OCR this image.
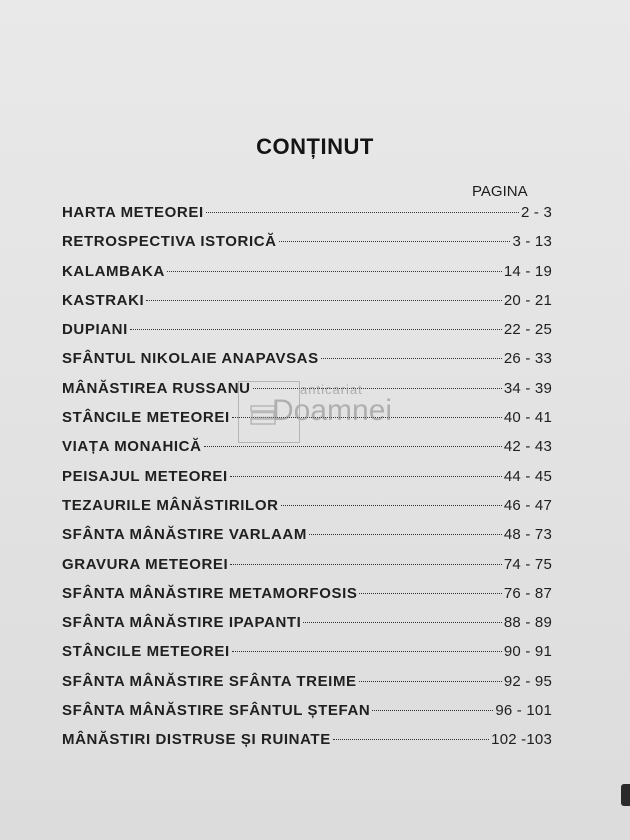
CONȚINUT
PAGINA
HARTA METEOREI	2 - 3
RETROSPECTIVA ISTORICĂ	3 - 13
KALAMBAKA	14 - 19
KASTRAKI	20 - 21
DUPIANI	22 - 25
SFÂNTUL NIKOLAIE ANAPAVSAS	26 - 33
MÂNĂSTIREA RUSSANU	34 - 39
STÂNCILE METEOREI	40 - 41
VIAȚA MONAHICĂ	42 - 43
PEISAJUL METEOREI	44 - 45
TEZAURILE MÂNĂSTIRILOR	46 - 47
SFÂNTA MÂNĂSTIRE VARLAAM	48 - 73
GRAVURA METEOREI	74 - 75
SFÂNTA MÂNĂSTIRE METAMORFOSIS	76 - 87
SFÂNTA MÂNĂSTIRE IPAPANTI	88 - 89
STÂNCILE METEOREI	90 - 91
SFÂNTA MÂNĂSTIRE SFÂNTA TREIME	92 - 95
SFÂNTA MÂNĂSTIRE SFÂNTUL ȘTEFAN	96 - 101
MÂNĂSTIRI DISTRUSE ȘI RUINATE	102 -103
anticariat
Doamnei
